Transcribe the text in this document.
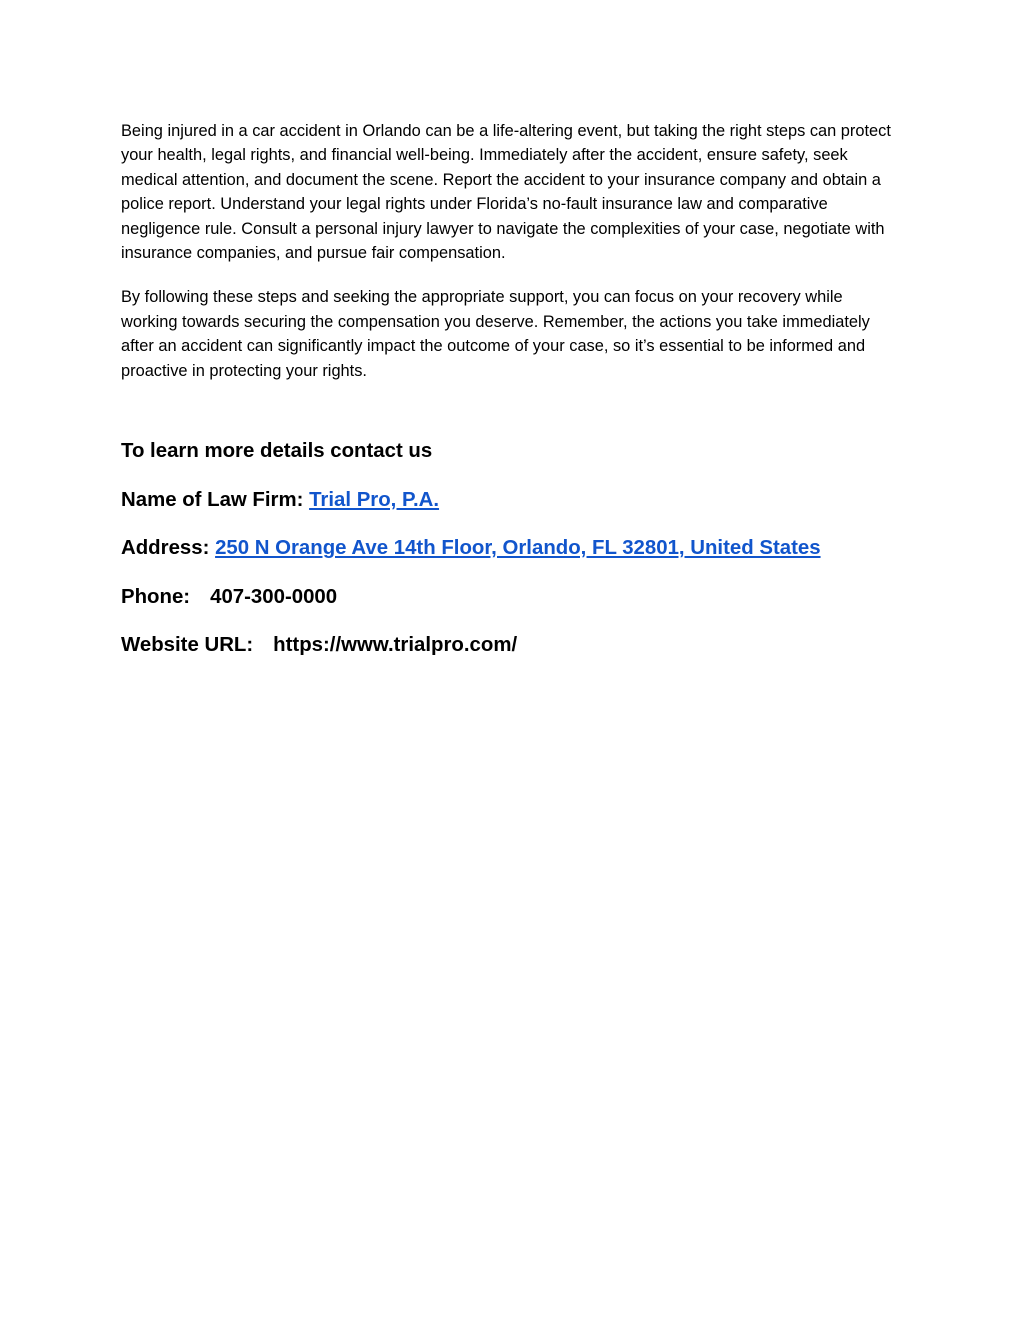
Being injured in a car accident in Orlando can be a life-altering event, but taking the right steps can protect your health, legal rights, and financial well-being. Immediately after the accident, ensure safety, seek medical attention, and document the scene. Report the accident to your insurance company and obtain a police report. Understand your legal rights under Florida’s no-fault insurance law and comparative negligence rule. Consult a personal injury lawyer to navigate the complexities of your case, negotiate with insurance companies, and pursue fair compensation.

By following these steps and seeking the appropriate support, you can focus on your recovery while working towards securing the compensation you deserve. Remember, the actions you take immediately after an accident can significantly impact the outcome of your case, so it’s essential to be informed and proactive in protecting your rights.

To learn more details contact us
Name of Law Firm: Trial Pro, P.A.
Address: 250 N Orange Ave 14th Floor, Orlando, FL 32801, United States
Phone: 407-300-0000
Website URL: https://www.trialpro.com/
